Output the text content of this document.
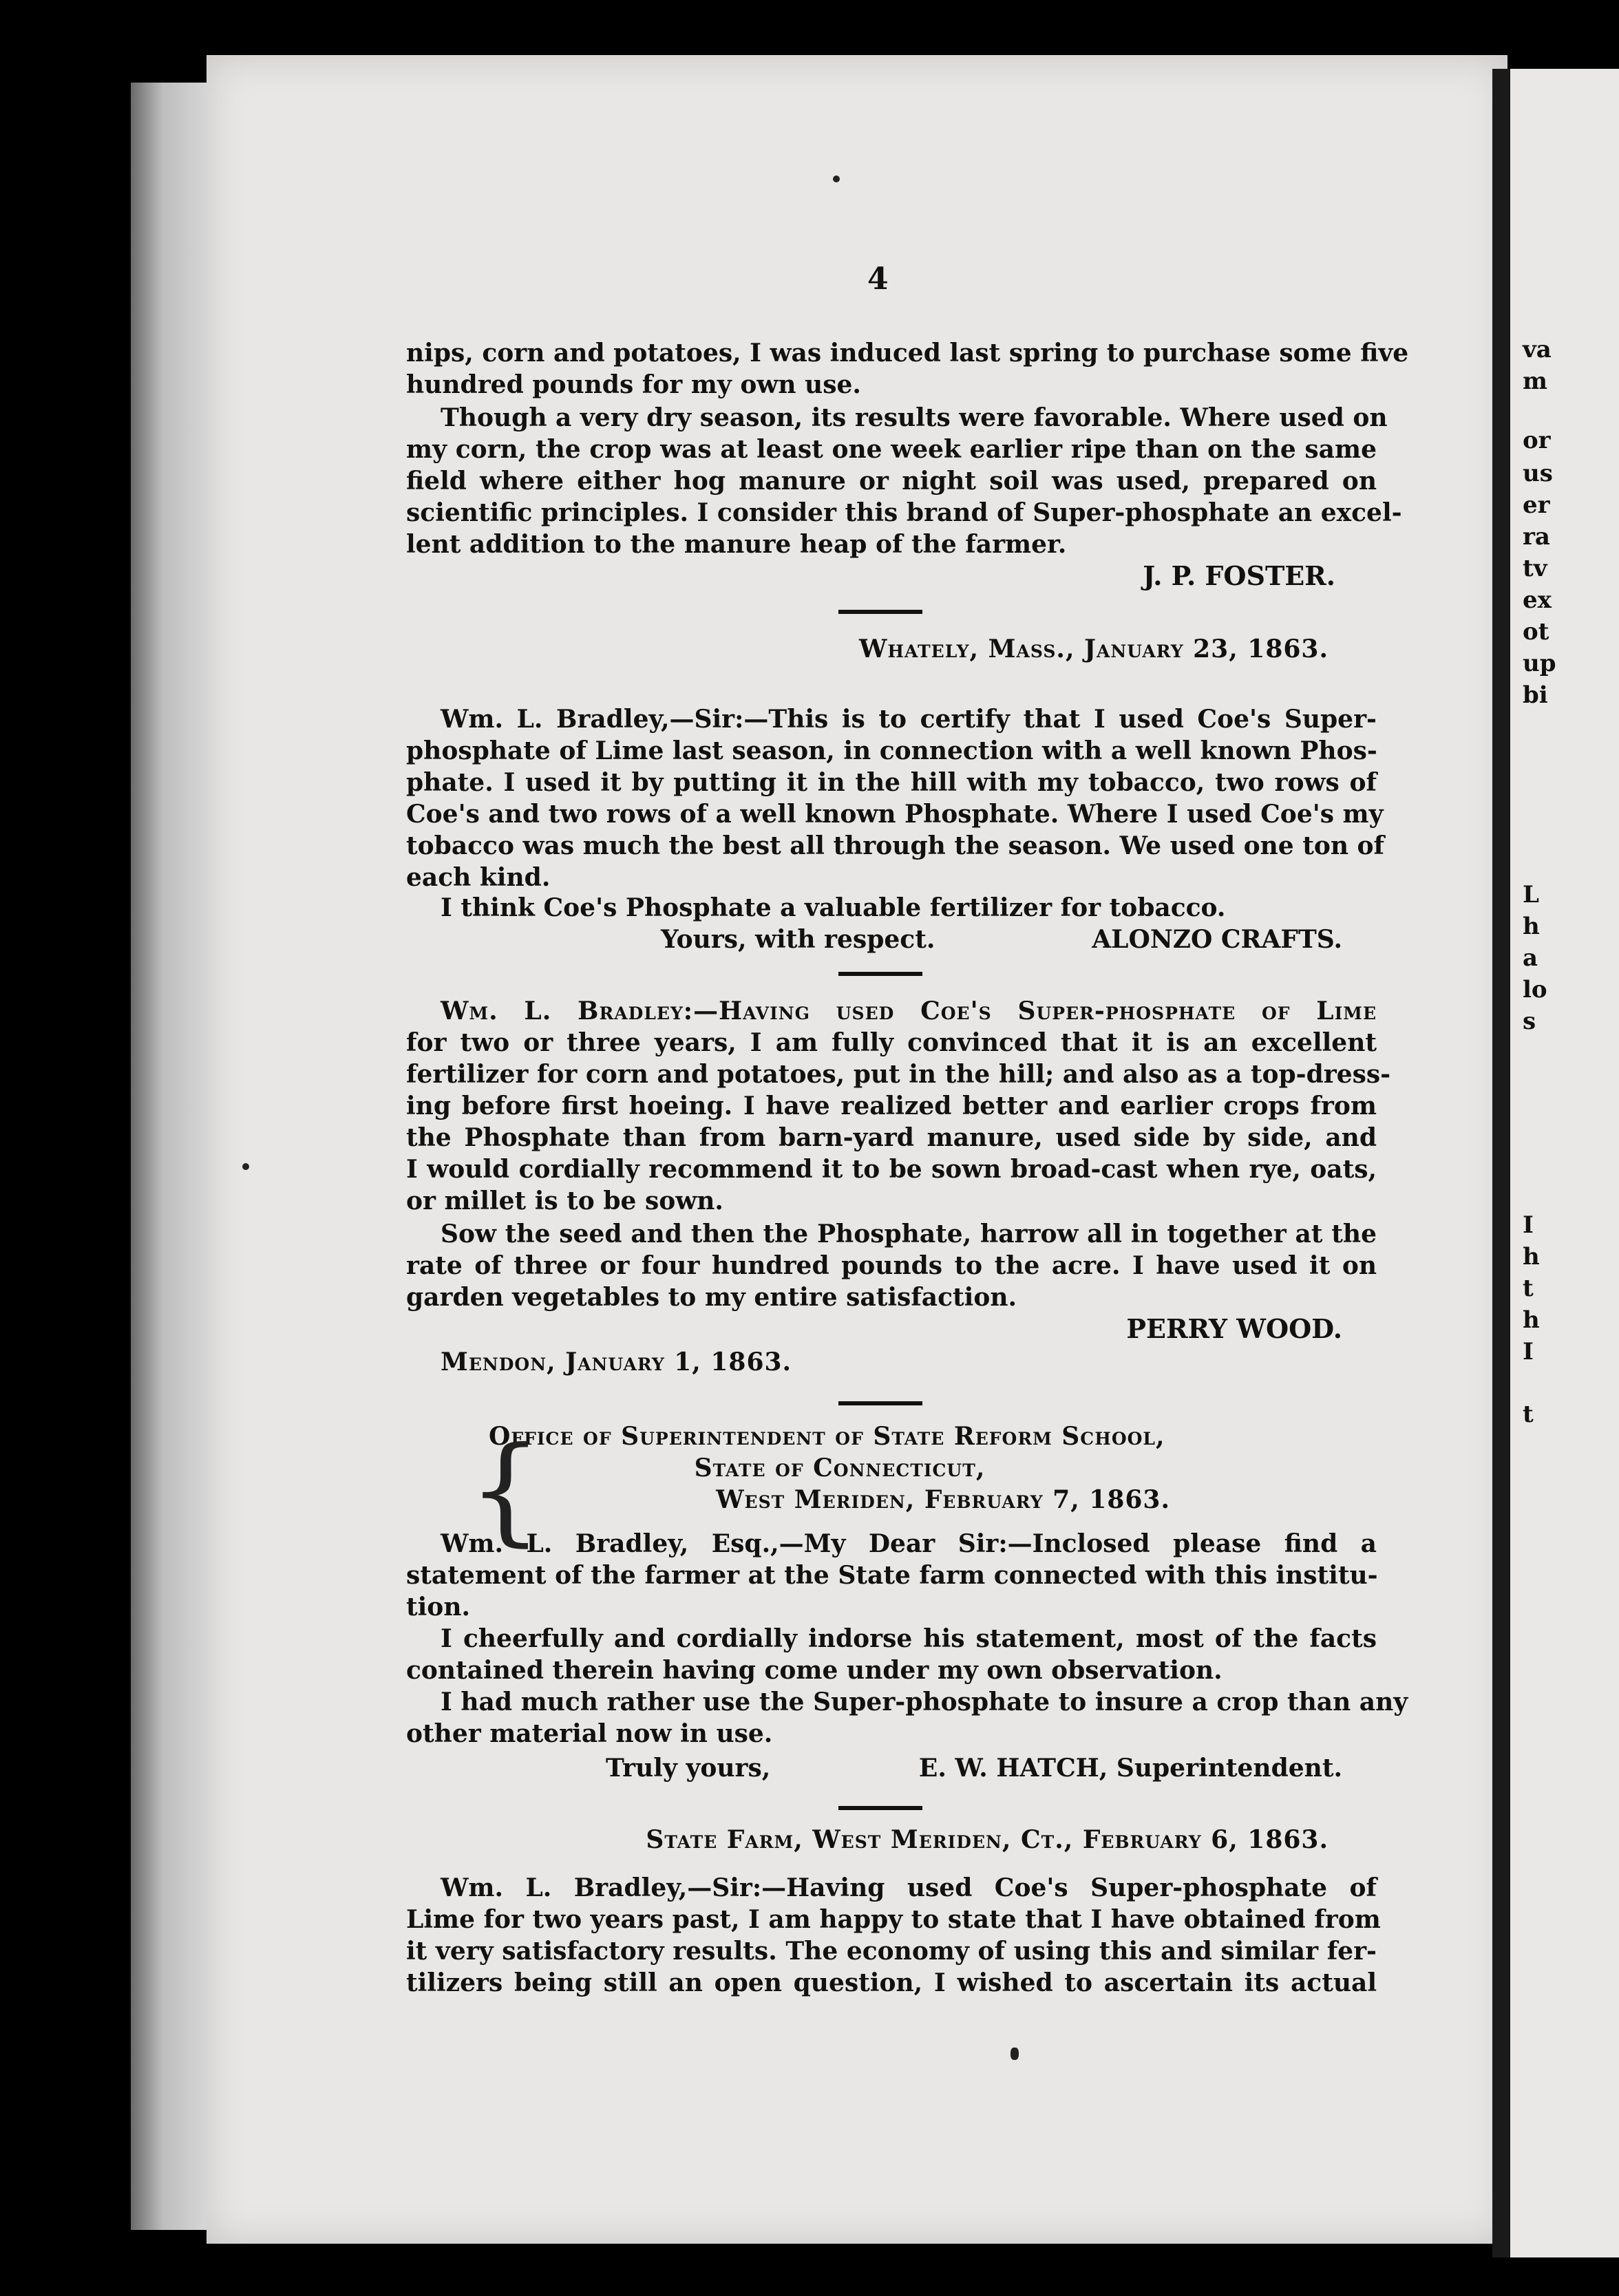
va
m
or
us
er
ra
tv
ex
ot
up
bi
L
h
a
lo
s
I
h
t
h
I
t
4
nips, corn and potatoes, I was induced last spring to purchase some five
hundred pounds for my own use.
Though a very dry season, its results were favorable. Where used on
my corn, the crop was at least one week earlier ripe than on the same
field where either hog manure or night soil was used, prepared on
scientific principles. I consider this brand of Super-phosphate an excel-
lent addition to the manure heap of the farmer.
J. P. FOSTER.
Whately, Mass., January 23, 1863.
Wm. L. Bradley,—Sir:—This is to certify that I used Coe's Super-
phosphate of Lime last season, in connection with a well known Phos-
phate. I used it by putting it in the hill with my tobacco, two rows of
Coe's and two rows of a well known Phosphate. Where I used Coe's my
tobacco was much the best all through the season. We used one ton of
each kind.
I think Coe's Phosphate a valuable fertilizer for tobacco.
Yours, with respect.	ALONZO CRAFTS.
Wm. L. Bradley:—Having used Coe's Super-phosphate of Lime
for two or three years, I am fully convinced that it is an excellent
fertilizer for corn and potatoes, put in the hill; and also as a top-dress-
ing before first hoeing. I have realized better and earlier crops from
the Phosphate than from barn-yard manure, used side by side, and
I would cordially recommend it to be sown broad-cast when rye, oats,
or millet is to be sown.
Sow the seed and then the Phosphate, harrow all in together at the
rate of three or four hundred pounds to the acre. I have used it on
garden vegetables to my entire satisfaction.
PERRY WOOD.
Mendon, January 1, 1863.
Office of Superintendent of State Reform School,
State of Connecticut,
West Meriden, February 7, 1863.
Wm. L. Bradley, Esq.,—My Dear Sir:—Inclosed please find a
statement of the farmer at the State farm connected with this institu-
tion.
I cheerfully and cordially indorse his statement, most of the facts
contained therein having come under my own observation.
I had much rather use the Super-phosphate to insure a crop than any
other material now in use.
Truly yours,	E. W. HATCH, Superintendent.
State Farm, West Meriden, Ct., February 6, 1863.
Wm. L. Bradley,—Sir:—Having used Coe's Super-phosphate of
Lime for two years past, I am happy to state that I have obtained from
it very satisfactory results. The economy of using this and similar fer-
tilizers being still an open question, I wished to ascertain its actual
{
